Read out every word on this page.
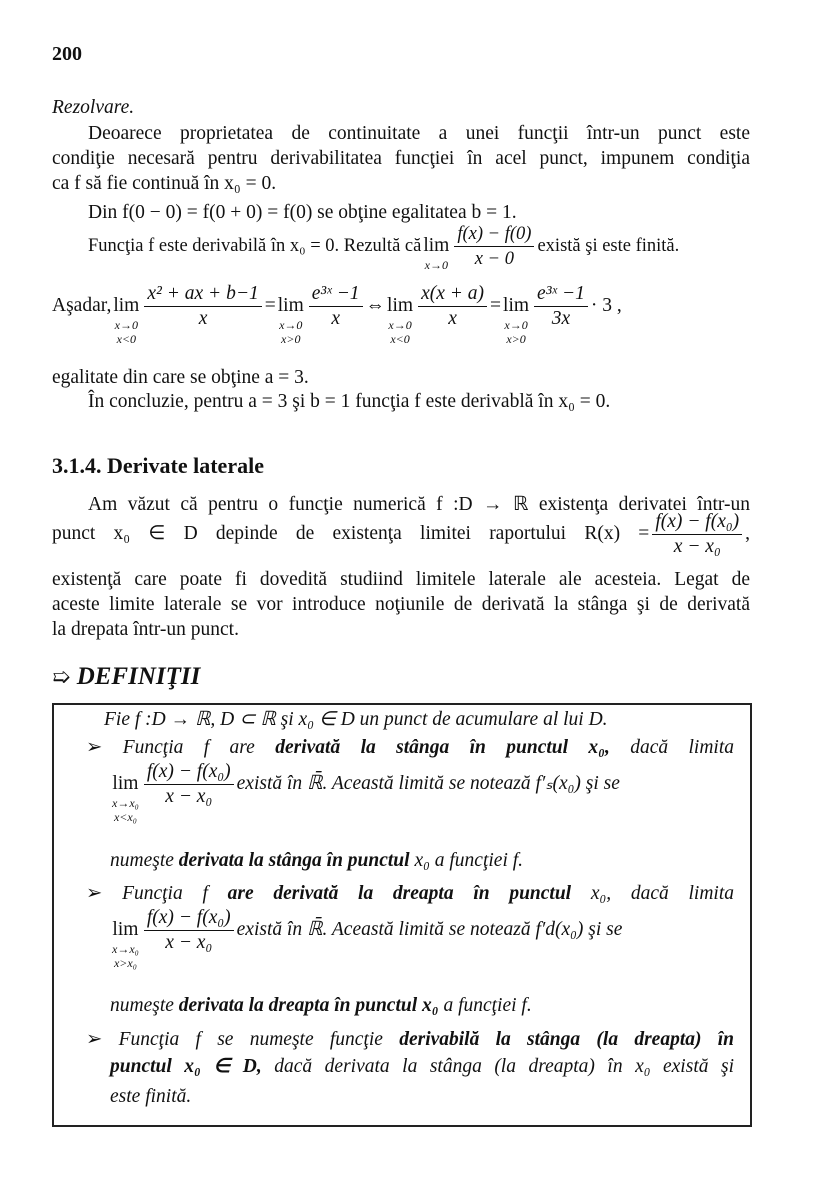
200
Rezolvare.
Deoarece proprietatea de continuitate a unei funcţii într-un punct este
condiţie necesară pentru derivabilitatea funcţiei în acel punct, impunem condiţia
ca f să fie continuă în x₀ = 0.
Din f(0 − 0) = f(0 + 0) = f(0) se obţine egalitatea b = 1.
Funcţia f este derivabilă în x₀ = 0. Rezultă că lim
$x\to 0 \frac{f(x) - f(0)}{x - 0}$ există şi este finită.
Aşadar, lim
x→0
x<0
$\frac{\text{x² + ax + b−1}}{x} = \lim$
x→0
x>0
$\frac{\text{e³ˣ −1}}{x}$ ⇔ lim
x→0
x<0
$\frac{x(x + a)}{x} = \lim$
x→0
x>0
$\frac{\text{e³ˣ −1}}{3x} \cdot 3$ ,
egalitate din care se obţine a = 3.
În concluzie, pentru a = 3 şi b = 1 funcţia f este derivablă în x₀ = 0.
3.1.4. Derivate laterale
Am văzut că pentru o funcţie numerică f :D → ℝ existenţa derivatei într-un
punct x₀ ∈ D depinde de existenţa limitei raportului $R(x) = \frac{\text{f(x) − f(x₀)}}{\text{x − x₀}}$ ,
existenţă care poate fi dovedită studiind limitele laterale ale acesteia. Legat de
aceste limite laterale se vor introduce noţiunile de derivată la stânga şi de derivată
la drepata într-un punct.
➯ DEFINIŢII
Fie f :D → ℝ, D ⊂ ℝ şi x₀ ∈ D un punct de acumulare al lui D.
➢ Funcţia f are derivată la stânga în punctul x₀, dacă limita
lim
x→x₀
x<x₀
$\frac{\text{f(x) − f(x₀)}}{\text{x − x₀}}$ există în ℝ̄. Această limită se notează f′ₛ(x₀) şi se
numeşte derivata la stânga în punctul x₀ a funcţiei f.
➢ Funcţia f are derivată la dreapta în punctul x₀, dacă limita
lim
x→x₀
x>x₀
$\frac{\text{f(x) − f(x₀)}}{\text{x − x₀}}$ există în ℝ̄. Această limită se notează f′d(x₀) şi se
numeşte derivata la dreapta în punctul x₀ a funcţiei f.
➢ Funcţia f se numeşte funcţie derivabilă la stânga (la dreapta) în
punctul x₀ ∈ D, dacă derivata la stânga (la dreapta) în x₀ există şi
este finită.
